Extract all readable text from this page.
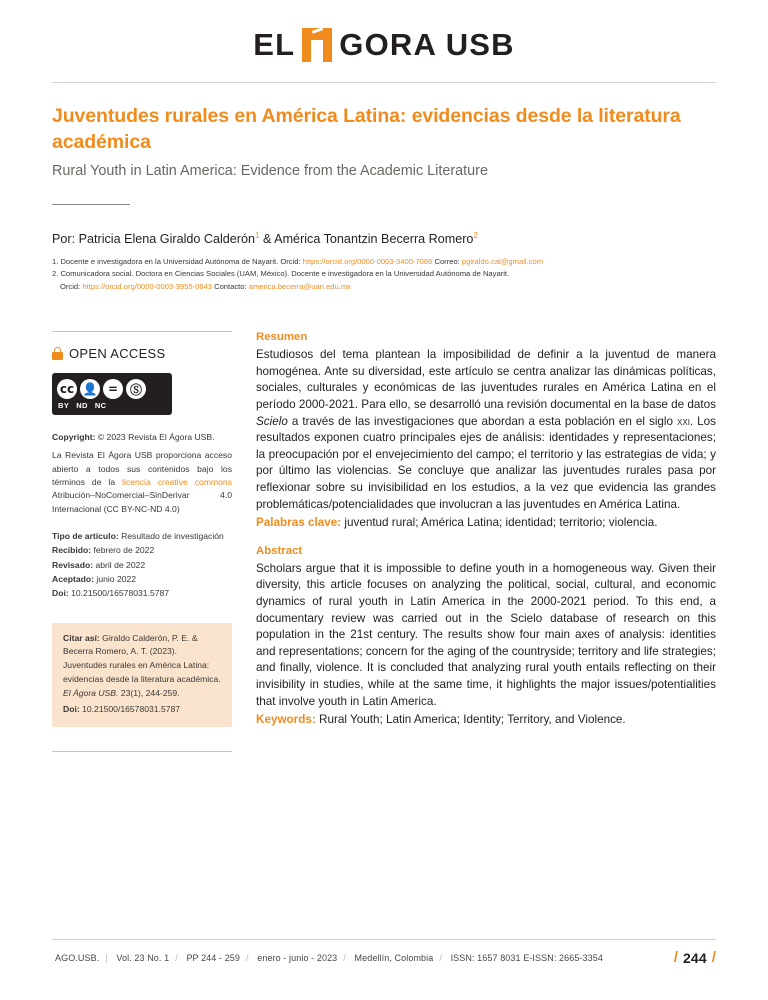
EL GORA USB
Juventudes rurales en América Latina: evidencias desde la literatura académica
Rural Youth in Latin America: Evidence from the Academic Literature
Por: Patricia Elena Giraldo Calderón$^1$ & América Tonantzin Becerra Romero$^2$
1. Docente e investigadora en la Universidad Autónoma de Nayarit. Orcid: https://orcid.org/0000-0003-3400-7086 Correo: pgiraldo.cal@gmail.com
2. Comunicadora social. Doctora en Ciencias Sociales (UAM, México). Docente e investigadora en la Universidad Autónoma de Nayarit.
Orcid: https://orcid.org/0000-0003-3955-0643 Contacto: america.becerra@uan.edu.mx
OPEN ACCESS
cc 👤 = Ⓢ
BY ND NC
Copyright: © 2023 Revista El Ágora USB.
La Revista El Ágora USB proporciona acceso abierto a todos sus contenidos bajo los términos de la licencia creative commons Atribución–NoComercial–SinDerivar 4.0 Internacional (CC BY-NC-ND 4.0)
Tipo de artículo: Resultado de investigación
Recibido: febrero de 2022
Revisado: abril de 2022
Aceptado: junio 2022
Doi: 10.21500/16578031.5787
Citar así: Giraldo Calderón, P. E. & Becerra Romero, A. T. (2023). Juventudes rurales en América Latina: evidencias desde la literatura académica. El Ágora USB. 23(1), 244-259.
Doi: 10.21500/16578031.5787
Resumen
Estudiosos del tema plantean la imposibilidad de definir a la juventud de manera homogénea. Ante su diversidad, este artículo se centra analizar las dinámicas políticas, sociales, culturales y económicas de las juventudes rurales en América Latina en el período 2000-2021. Para ello, se desarrolló una revisión documental en la base de datos Scielo a través de las investigaciones que abordan a esta población en el siglo xxi. Los resultados exponen cuatro principales ejes de análisis: identidades y representaciones; la preocupación por el envejecimiento del campo; el territorio y las estrategias de vida; y por último las violencias. Se concluye que analizar las juventudes rurales pasa por reflexionar sobre su invisibilidad en los estudios, a la vez que evidencia las grandes problemáticas/potencialidades que involucran a las juventudes en América Latina.
Palabras clave: juventud rural; América Latina; identidad; territorio; violencia.
Abstract
Scholars argue that it is impossible to define youth in a homogeneous way. Given their diversity, this article focuses on analyzing the political, social, cultural, and economic dynamics of rural youth in Latin America in the 2000-2021 period. To this end, a documentary review was carried out in the Scielo database of research on this population in the 21st century. The results show four main axes of analysis: identities and representations; concern for the aging of the countryside; territory and life strategies; and finally, violence. It is concluded that analyzing rural youth entails reflecting on their invisibility in studies, while at the same time, it highlights the major issues/potentialities that involve youth in Latin America.
Keywords: Rural Youth; Latin America; Identity; Territory, and Violence.
AGO.USB. | Vol. 23 No. 1 / PP 244 - 259 / enero - junio - 2023 / Medellín, Colombia / ISSN: 1657 8031 E-ISSN: 2665-3354	/ 244 /
